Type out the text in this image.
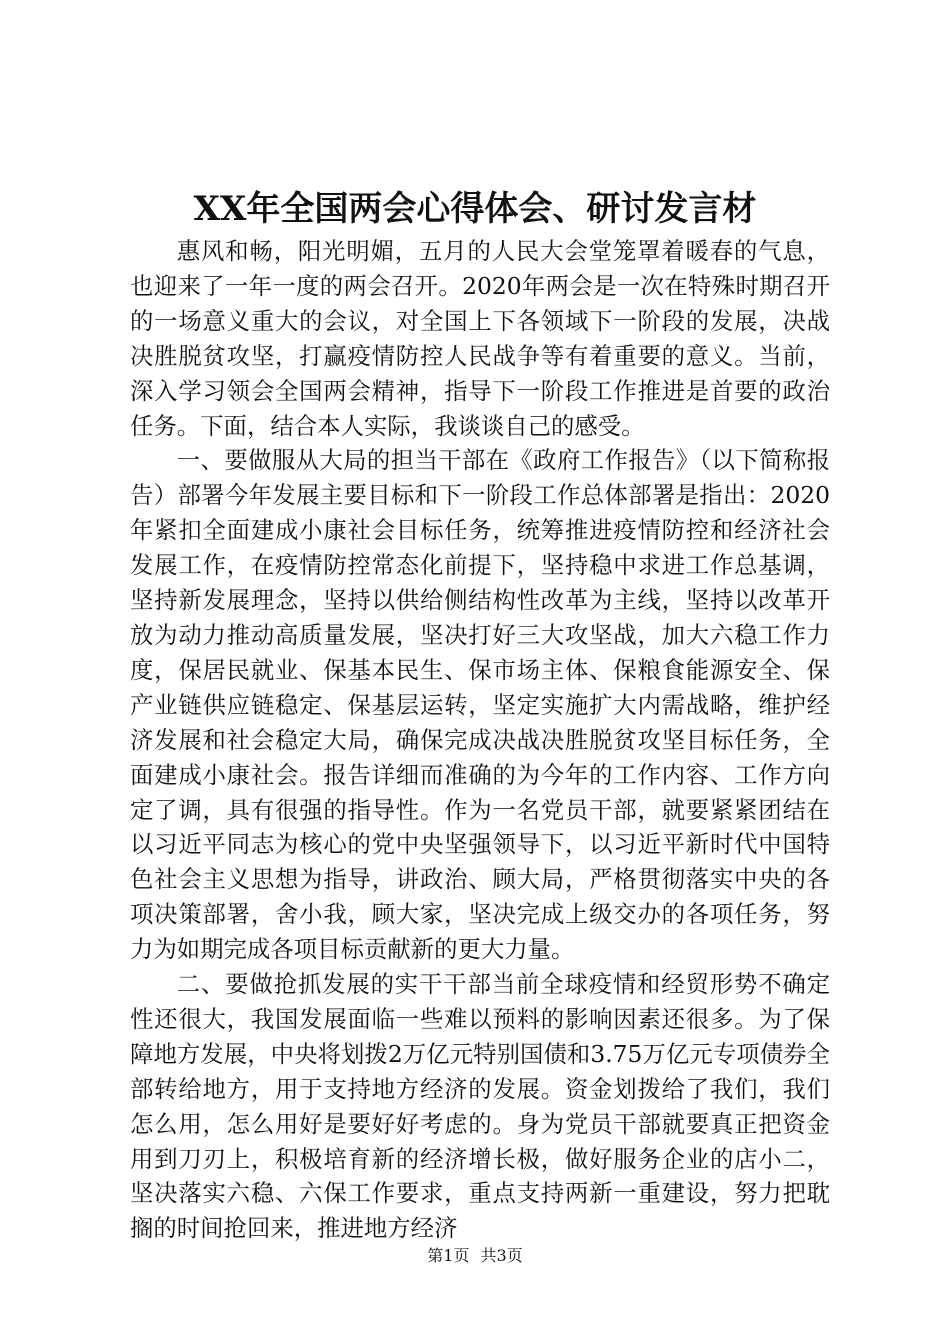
XX年全国两会心得体会、研讨发言材

惠风和畅，阳光明媚，五月的人民大会堂笼罩着暖春的气息，也迎来了一年一度的两会召开。2020年两会是一次在特殊时期召开的一场意义重大的会议，对全国上下各领域下一阶段的发展，决战决胜脱贫攻坚，打赢疫情防控人民战争等有着重要的意义。当前，深入学习领会全国两会精神，指导下一阶段工作推进是首要的政治任务。下面，结合本人实际，我谈谈自己的感受。

一、要做服从大局的担当干部在《政府工作报告》（以下简称报告）部署今年发展主要目标和下一阶段工作总体部署是指出：2020年紧扣全面建成小康社会目标任务，统筹推进疫情防控和经济社会发展工作，在疫情防控常态化前提下，坚持稳中求进工作总基调，坚持新发展理念，坚持以供给侧结构性改革为主线，坚持以改革开放为动力推动高质量发展，坚决打好三大攻坚战，加大六稳工作力度，保居民就业、保基本民生、保市场主体、保粮食能源安全、保产业链供应链稳定、保基层运转，坚定实施扩大内需战略，维护经济发展和社会稳定大局，确保完成决战决胜脱贫攻坚目标任务，全面建成小康社会。报告详细而准确的为今年的工作内容、工作方向定了调，具有很强的指导性。作为一名党员干部，就要紧紧团结在以习近平同志为核心的党中央坚强领导下，以习近平新时代中国特色社会主义思想为指导，讲政治、顾大局，严格贯彻落实中央的各项决策部署，舍小我，顾大家，坚决完成上级交办的各项任务，努力为如期完成各项目标贡献新的更大力量。

二、要做抢抓发展的实干干部当前全球疫情和经贸形势不确定性还很大，我国发展面临一些难以预料的影响因素还很多。为了保障地方发展，中央将划拨2万亿元特别国债和3.75万亿元专项债券全部转给地方，用于支持地方经济的发展。资金划拨给了我们，我们怎么用，怎么用好是要好好考虑的。身为党员干部就要真正把资金用到刀刃上，积极培育新的经济增长极，做好服务企业的店小二，坚决落实六稳、六保工作要求，重点支持两新一重建设，努力把耽搁的时间抢回来，推进地方经济

第1页 共3页
